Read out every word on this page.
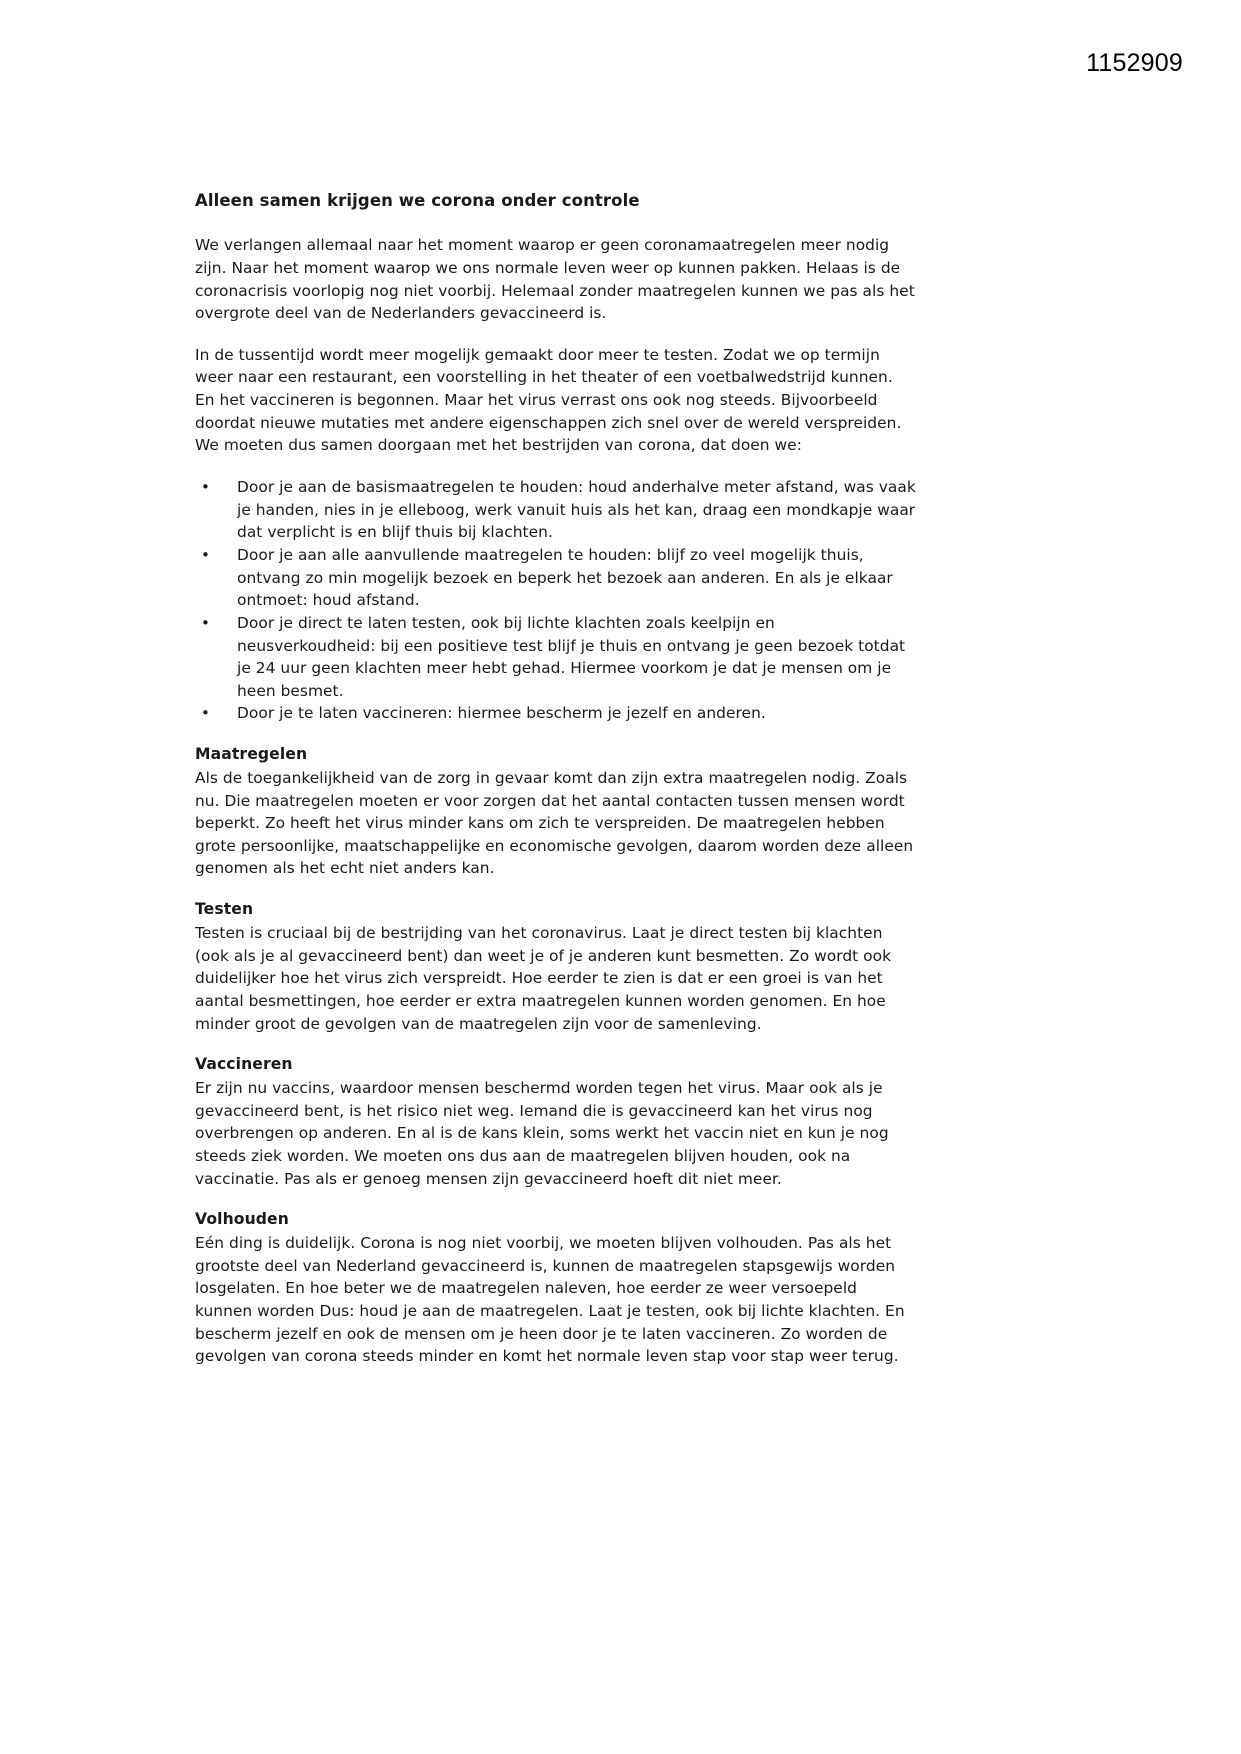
1152909
Alleen samen krijgen we corona onder controle

We verlangen allemaal naar het moment waarop er geen coronamaatregelen meer nodig zijn. Naar het moment waarop we ons normale leven weer op kunnen pakken. Helaas is de coronacrisis voorlopig nog niet voorbij. Helemaal zonder maatregelen kunnen we pas als het overgrote deel van de Nederlanders gevaccineerd is.

In de tussentijd wordt meer mogelijk gemaakt door meer te testen. Zodat we op termijn weer naar een restaurant, een voorstelling in het theater of een voetbalwedstrijd kunnen. En het vaccineren is begonnen. Maar het virus verrast ons ook nog steeds. Bijvoorbeeld doordat nieuwe mutaties met andere eigenschappen zich snel over de wereld verspreiden. We moeten dus samen doorgaan met het bestrijden van corona, dat doen we:

• Door je aan de basismaatregelen te houden: houd anderhalve meter afstand, was vaak je handen, nies in je elleboog, werk vanuit huis als het kan, draag een mondkapje waar dat verplicht is en blijf thuis bij klachten.
• Door je aan alle aanvullende maatregelen te houden: blijf zo veel mogelijk thuis, ontvang zo min mogelijk bezoek en beperk het bezoek aan anderen. En als je elkaar ontmoet: houd afstand.
• Door je direct te laten testen, ook bij lichte klachten zoals keelpijn en neusverkoudheid: bij een positieve test blijf je thuis en ontvang je geen bezoek totdat je 24 uur geen klachten meer hebt gehad. Hiermee voorkom je dat je mensen om je heen besmet.
• Door je te laten vaccineren: hiermee bescherm je jezelf en anderen.
Maatregelen

Als de toegankelijkheid van de zorg in gevaar komt dan zijn extra maatregelen nodig. Zoals nu. Die maatregelen moeten er voor zorgen dat het aantal contacten tussen mensen wordt beperkt. Zo heeft het virus minder kans om zich te verspreiden. De maatregelen hebben grote persoonlijke, maatschappelijke en economische gevolgen, daarom worden deze alleen genomen als het echt niet anders kan.

Testen

Testen is cruciaal bij de bestrijding van het coronavirus. Laat je direct testen bij klachten (ook als je al gevaccineerd bent) dan weet je of je anderen kunt besmetten. Zo wordt ook duidelijker hoe het virus zich verspreidt. Hoe eerder te zien is dat er een groei is van het aantal besmettingen, hoe eerder er extra maatregelen kunnen worden genomen. En hoe minder groot de gevolgen van de maatregelen zijn voor de samenleving.

Vaccineren

Er zijn nu vaccins, waardoor mensen beschermd worden tegen het virus. Maar ook als je gevaccineerd bent, is het risico niet weg. Iemand die is gevaccineerd kan het virus nog overbrengen op anderen. En al is de kans klein, soms werkt het vaccin niet en kun je nog steeds ziek worden. We moeten ons dus aan de maatregelen blijven houden, ook na vaccinatie. Pas als er genoeg mensen zijn gevaccineerd hoeft dit niet meer.

Volhouden

Eén ding is duidelijk. Corona is nog niet voorbij, we moeten blijven volhouden. Pas als het grootste deel van Nederland gevaccineerd is, kunnen de maatregelen stapsgewijs worden losgelaten. En hoe beter we de maatregelen naleven, hoe eerder ze weer versoepeld kunnen worden Dus: houd je aan de maatregelen. Laat je testen, ook bij lichte klachten. En bescherm jezelf en ook de mensen om je heen door je te laten vaccineren. Zo worden de gevolgen van corona steeds minder en komt het normale leven stap voor stap weer terug.
